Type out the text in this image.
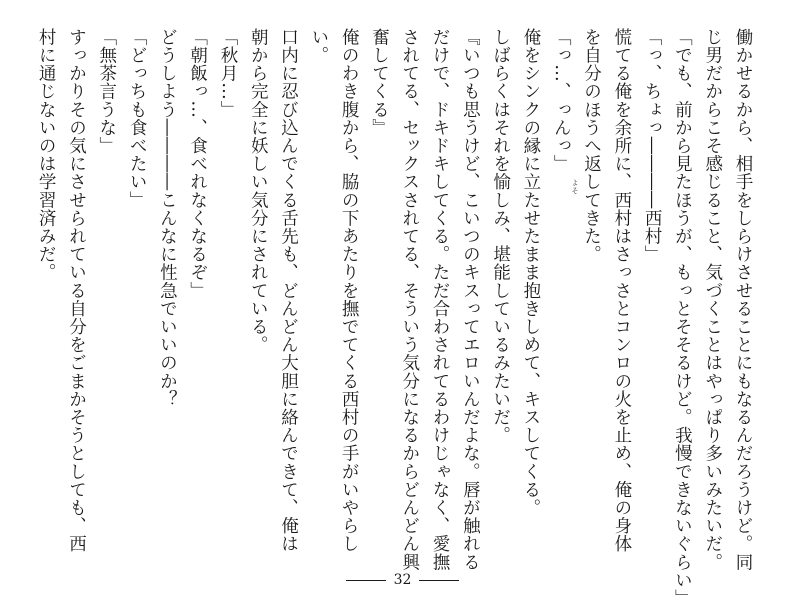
働かせるから、相手をしらけさせることにもなるんだろうけど。同
じ男だからこそ感じること、気づくことはやっぱり多いみたいだ。
「でも、前から見たほうが、もっとそそるけど。我慢できないぐらい」
「っ、ちょっ――――西村」
慌てる俺を余所に、西村はさっさとコンロの火を止め、俺の身体
を自分のほうへ返してきた。
「っ…、っんっ」
俺をシンクの縁に立たせたまま抱きしめて、キスしてくる。
しばらくはそれを愉しみ、堪能しているみたいだ。
『いつも思うけど、こいつのキスってエロいんだよな。唇が触れる
だけで、ドキドキしてくる。ただ合わされてるわけじゃなく、愛撫
されてる、セックスされてる、そういう気分になるからどんどん興
奮してくる』
俺のわき腹から、脇の下あたりを撫でてくる西村の手がいやらし
い。
口内に忍び込んでくる舌先も、どんどん大胆に絡んできて、俺は
朝から完全に妖しい気分にされている。
「秋月…」
「朝飯っ…、食べれなくなるぞ」
どうしよう――――こんなに性急でいいのか？
「どっちも食べたい」
「無茶言うな」
すっかりその気にさせられている自分をごまかそうとしても、西
村に通じないのは学習済みだ。	よそ
32
